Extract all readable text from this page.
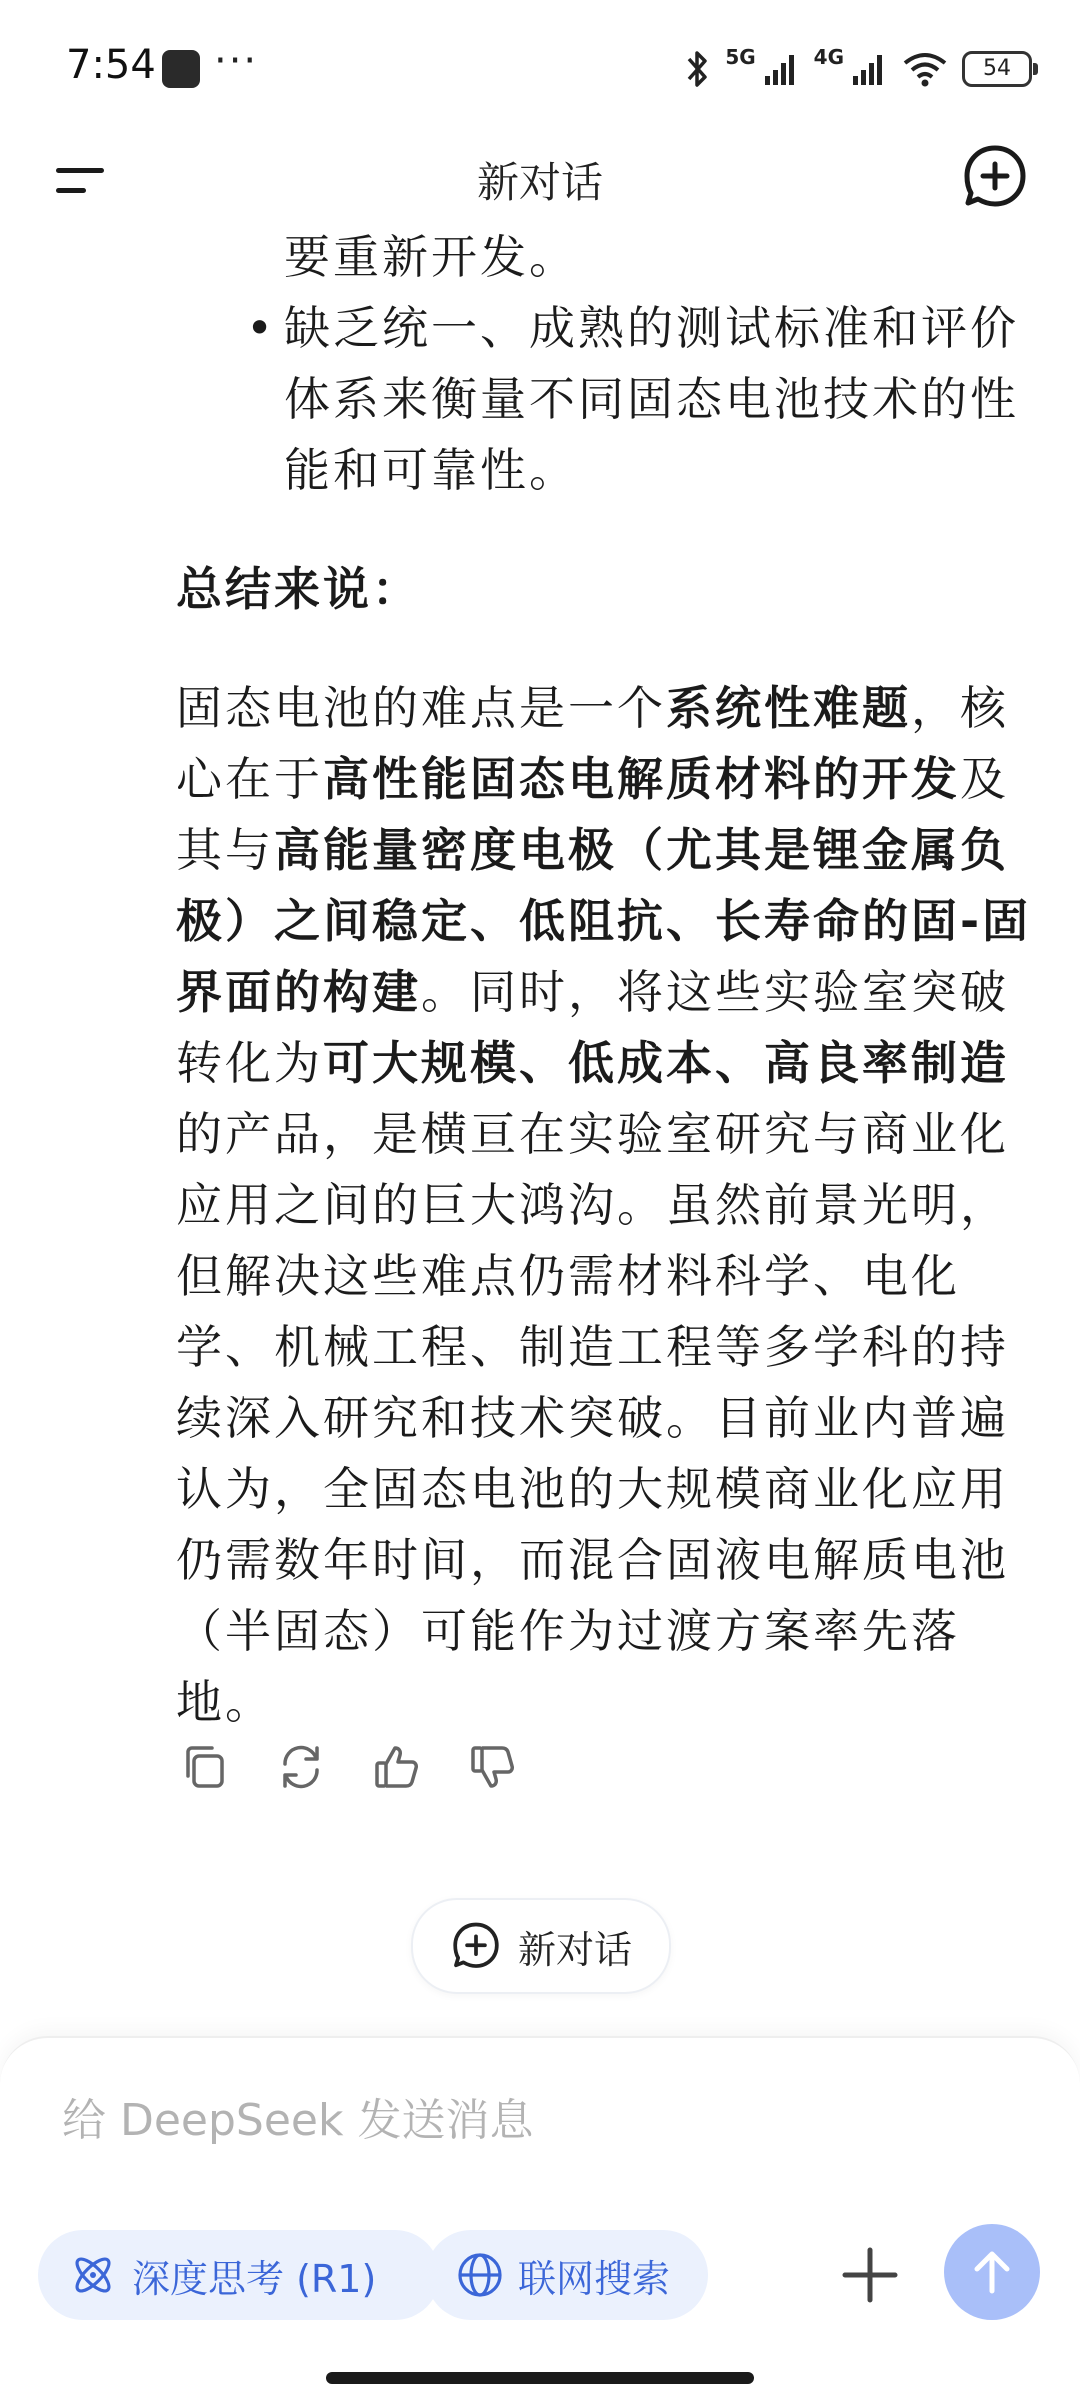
7:54 ···	5G	4G	54
新对话

要重新开发。

• 缺乏统一、成熟的测试标准和评价体系来衡量不同固态电池技术的性能和可靠性。

总结来说：

固态电池的难点是一个系统性难题，核心在于高性能固态电解质材料的开发及其与高能量密度电极（尤其是锂金属负极）之间稳定、低阻抗、长寿命的固-固界面的构建。同时，将这些实验室突破转化为可大规模、低成本、高良率制造的产品，是横亘在实验室研究与商业化应用之间的巨大鸿沟。虽然前景光明，但解决这些难点仍需材料科学、电化学、机械工程、制造工程等多学科的持续深入研究和技术突破。目前业内普遍认为，全固态电池的大规模商业化应用仍需数年时间，而混合固液电解质电池（半固态）可能作为过渡方案率先落地。

新对话
给 DeepSeek 发送消息
深度思考 (R1)	联网搜索
